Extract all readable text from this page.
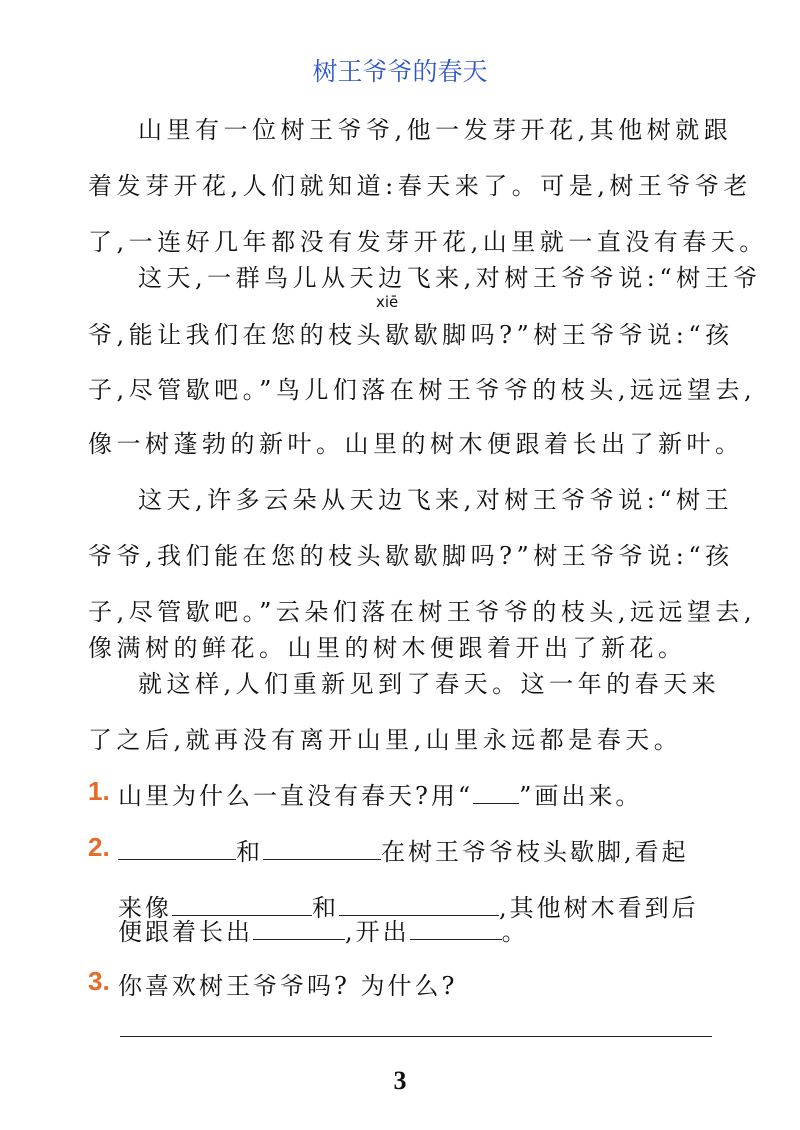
树王爷爷的春天
山里有一位树王爷爷,他一发芽开花,其他树就跟
着发芽开花,人们就知道:春天来了。可是,树王爷爷老
了,一连好几年都没有发芽开花,山里就一直没有春天。
这天,一群鸟儿从天边飞来,对树王爷爷说:“树王爷
xiē
爷,能让我们在您的枝头歇歇脚吗?”树王爷爷说:“孩
子,尽管歇吧。”鸟儿们落在树王爷爷的枝头,远远望去,
像一树蓬勃的新叶。山里的树木便跟着长出了新叶。
这天,许多云朵从天边飞来,对树王爷爷说:“树王
爷爷,我们能在您的枝头歇歇脚吗?”树王爷爷说:“孩
子,尽管歇吧。”云朵们落在树王爷爷的枝头,远远望去,
像满树的鲜花。山里的树木便跟着开出了新花。
就这样,人们重新见到了春天。这一年的春天来
了之后,就再没有离开山里,山里永远都是春天。
1. 山里为什么一直没有春天?用“ ”画出来。
2.	和	在树王爷爷枝头歇脚,看起
来像	和	,其他树木看到后
便跟着长出	,开出	。
3. 你喜欢树王爷爷吗? 为什么?
3
